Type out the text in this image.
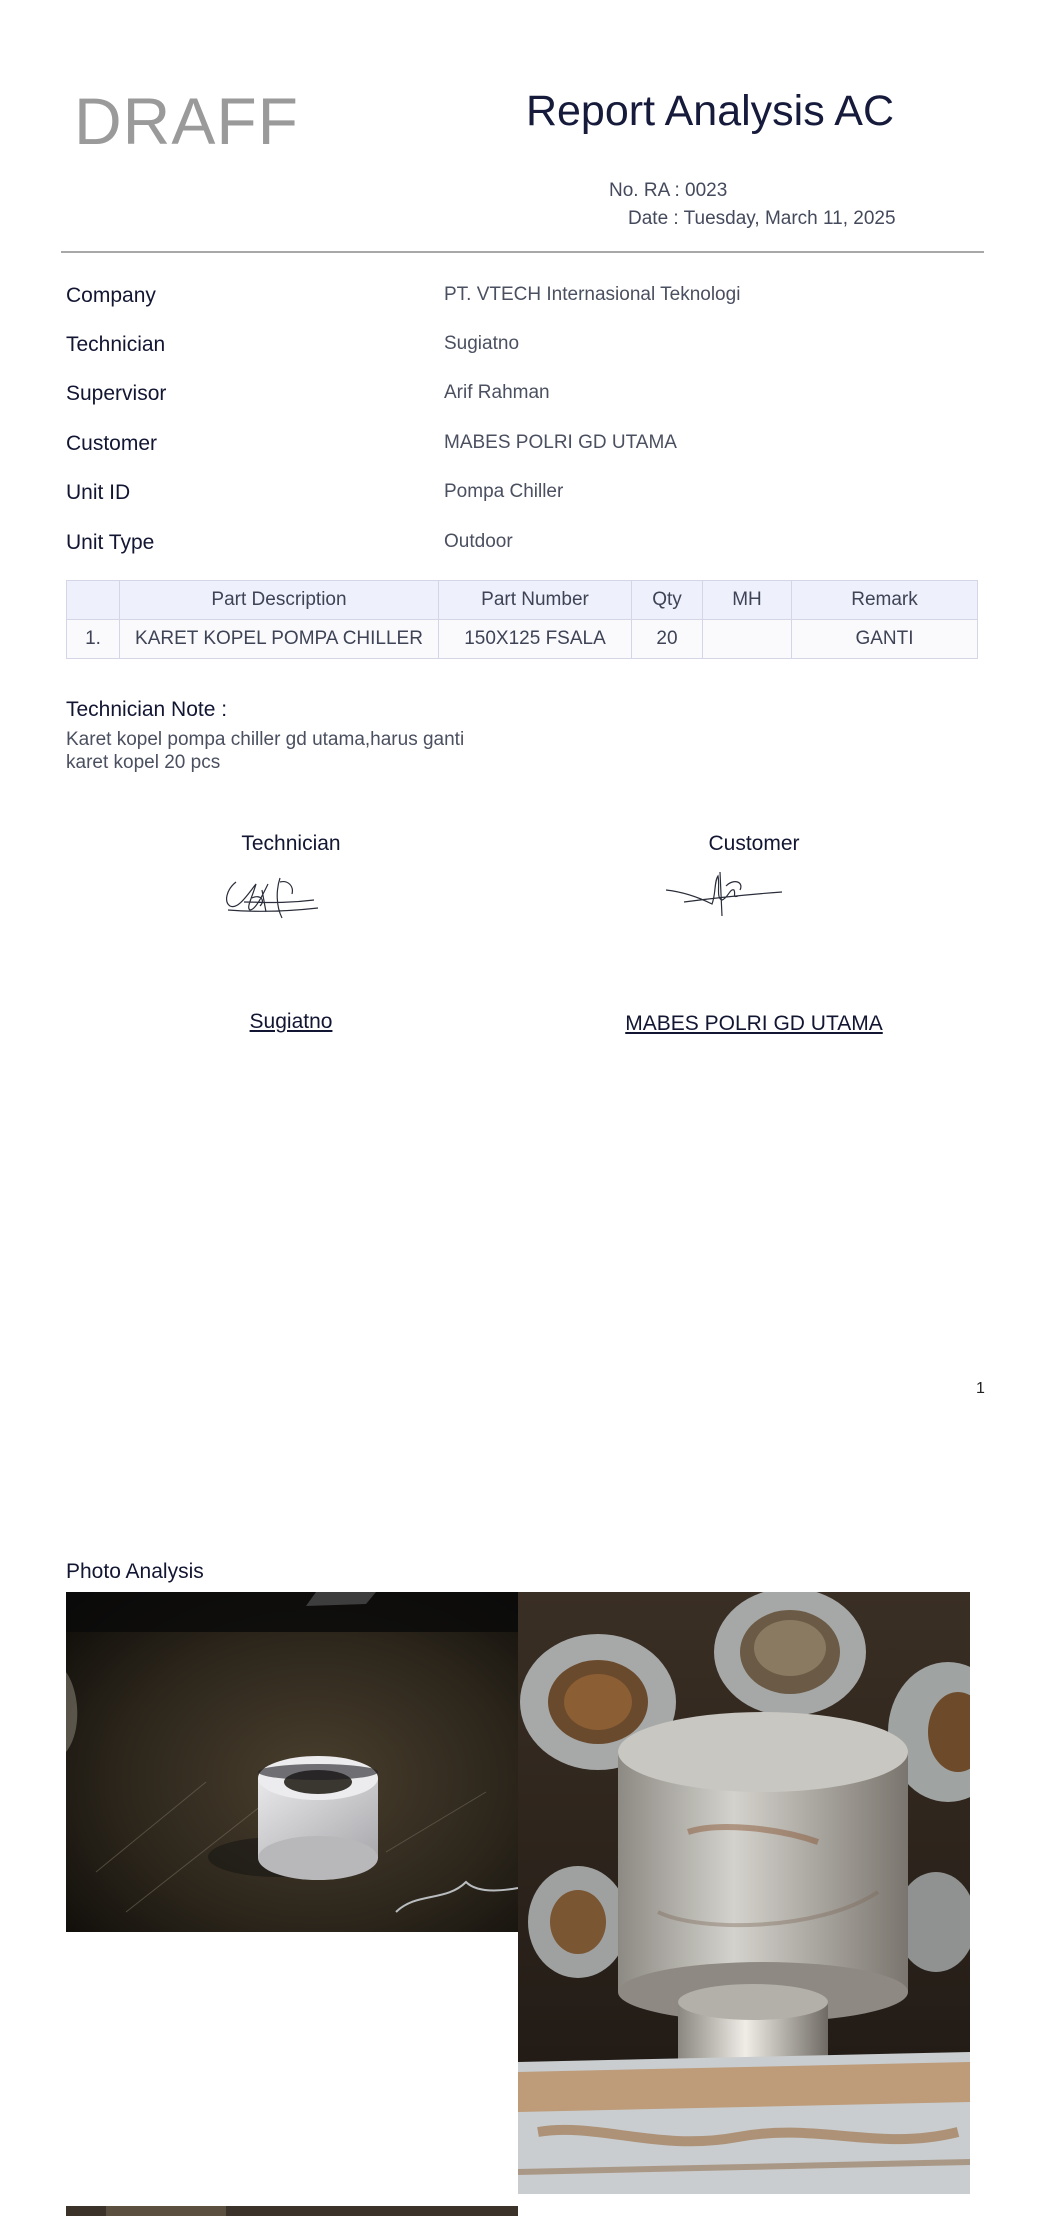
DRAFF	Report Analysis AC
No. RA : 0023
Date : Tuesday, March 11, 2025
Company	PT. VTECH Internasional Teknologi
Technician	Sugiatno
Supervisor	Arif Rahman
Customer	MABES POLRI GD UTAMA
Unit ID	Pompa Chiller
Unit Type	Outdoor
	Part Description	Part Number	Qty	MH	Remark
1.	KARET KOPEL POMPA CHILLER	150X125 FSALA	20		GANTI
Technician Note :
Karet kopel pompa chiller gd utama,harus ganti karet kopel 20 pcs
Technician	Customer
Sugiatno	MABES POLRI GD UTAMA
1
Photo Analysis
